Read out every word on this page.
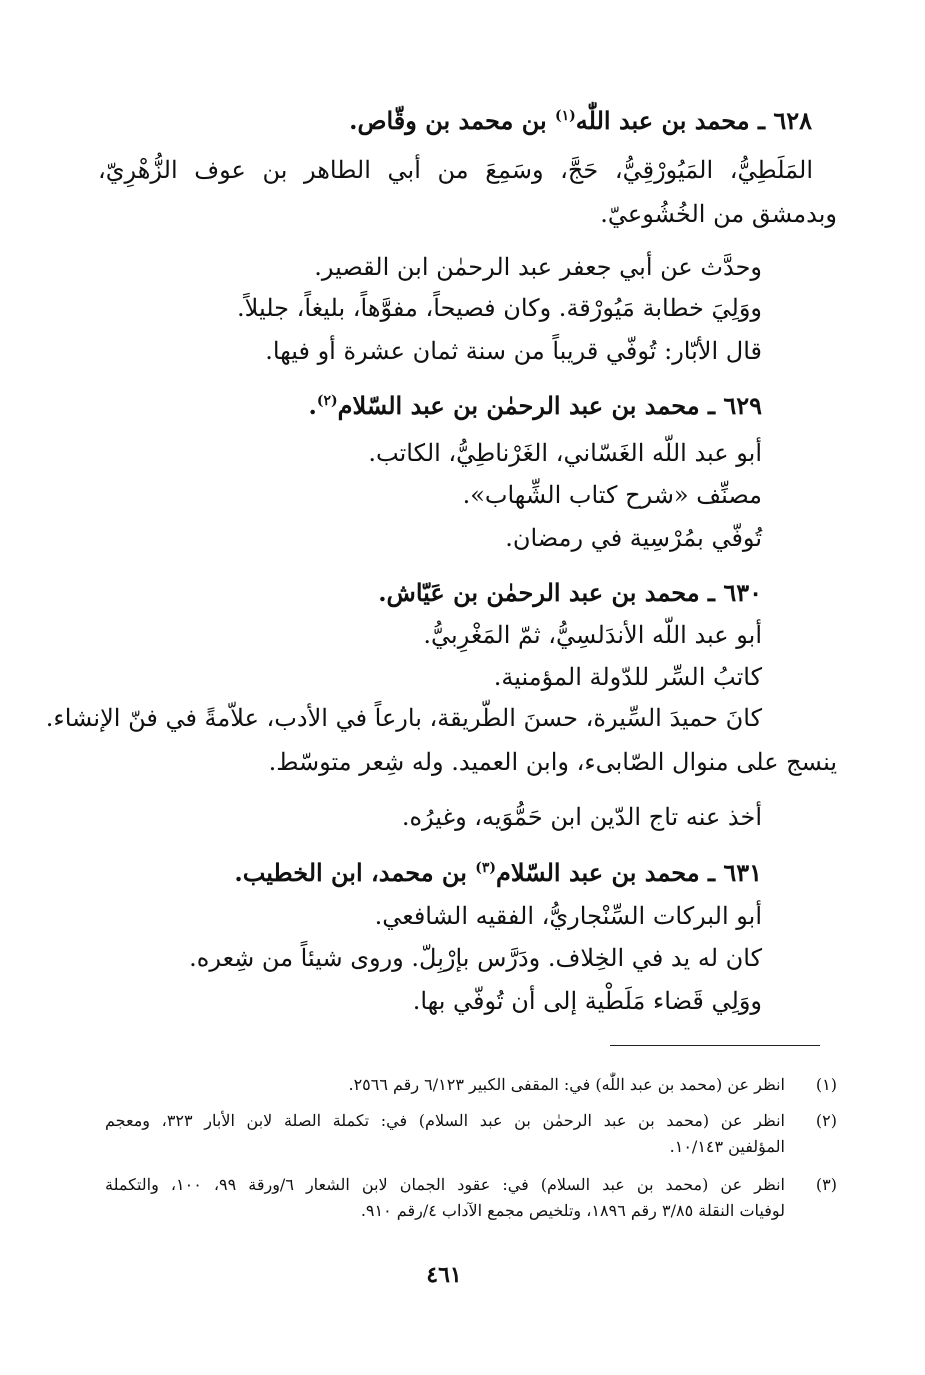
٦٢٨ ـ محمد بن عبد اللّٰه$^{(١)}$ بن محمد بن وقّاص.
المَلَطِيُّ، المَيُورْقِيُّ، حَجَّ، وسَمِعَ من أبي الطاهر بن عوف الزُّهْرِيّ،
وبدمشق من الخُشُوعيّ.
وحدَّث عن أبي جعفر عبد الرحمٰن ابن القصير.
ووَلِيَ خطابة مَيُورْقة. وكان فصيحاً، مفوَّهاً، بليغاً، جليلاً.
قال الأبّار: تُوفّي قريباً من سنة ثمان عشرة أو فيها.
٦٢٩ ـ محمد بن عبد الرحمٰن بن عبد السّلام$^{(٢)}$.
أبو عبد اللّه الغَسّاني، الغَرْناطِيُّ، الكاتب.
مصنِّف «شرح كتاب الشِّهاب».
تُوفّي بمُرْسِية في رمضان.
٦٣٠ ـ محمد بن عبد الرحمٰن بن عَيّاش.
أبو عبد اللّه الأندَلسِيُّ، ثمّ المَغْرِبيُّ.
كاتبُ السِّر للدّولة المؤمنية.
كانَ حميدَ السِّيرة، حسنَ الطّريقة، بارعاً في الأدب، علاّمةً في فنّ الإنشاء.
ينسج على منوال الصّابىء، وابن العميد. وله شِعر متوسّط.
أخذ عنه تاج الدّين ابن حَمُّوَيه، وغيرُه.
٦٣١ ـ محمد بن عبد السّلام$^{(٣)}$ بن محمد، ابن الخطيب.
أبو البركات السِّنْجاريُّ، الفقيه الشافعي.
كان له يد في الخِلاف. ودَرَّس بإرْبِلّ. وروى شيئاً من شِعره.
ووَلِي قَضاء مَلَطْية إلى أن تُوفّي بها.
(١)
انظر عن (محمد بن عبد اللّٰه) في: المقفى الكبير ٦/١٢٣ رقم ٢٥٦٦.
(٢)
انظر عن (محمد بن عبد الرحمٰن بن عبد السلام) في: تكملة الصلة لابن الأبار ٣٢٣، ومعجم
المؤلفين ١٠/١٤٣.
(٣)
انظر عن (محمد بن عبد السلام) في: عقود الجمان لابن الشعار ٦/ورقة ٩٩، ١٠٠، والتكملة
لوفيات النقلة ٣/٨٥ رقم ١٨٩٦، وتلخيص مجمع الآداب ٤/رقم ٩١٠.
٤٦١
